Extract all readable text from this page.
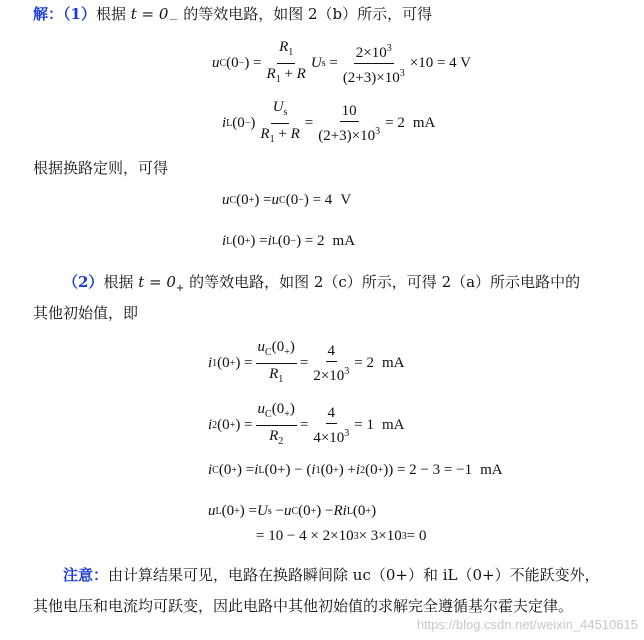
解：（1）根据 $t = 0_-$ 的等效电路，如图 2（b）所示，可得
u C (0 − ) = $\frac{R_1}{R_1 + R}$ U $s = \frac{2\times 10^3}{(2+3)\times 10^3} \times 10 = 4$ V
i L (0 − ) $\frac{U_s}{R_1 + R} = \frac{10}{(2+3)\times 10^3} = 2$ mA
根据换路定则，可得
u C (0 + ) = u C (0 − ) = 4 V
i L (0 + ) = i L (0 − ) = 2 mA
（2）根据 $t = 0_+$ 的等效电路，如图 2（c）所示，可得 2（a）所示电路中的
其他初始值，即
i 1 (0 + ) = $\frac{u_C(0_+)}{R_1} = \frac{4}{2\times 10^3} = 2$ mA
i 2 (0 + ) = $\frac{u_C(0_+)}{R_2} = \frac{4}{4\times 10^3} = 1$ mA
i C (0 + ) = i L (0+) − ( i 1 (0 + ) + i 2 (0 + )) = 2 − 3 = −1 mA
u L (0 + ) = U s − u C (0 + ) − Ri L (0 + )
= 10 − 4 × 2×10 3 × 3×10 3 = 0
注意：由计算结果可见，电路在换路瞬间除 uc（0+）和 iL（0+）不能跃变外，
其他电压和电流均可跃变，因此电路中其他初始值的求解完全遵循基尔霍夫定律。
https://blog.csdn.net/weixin_44510615
